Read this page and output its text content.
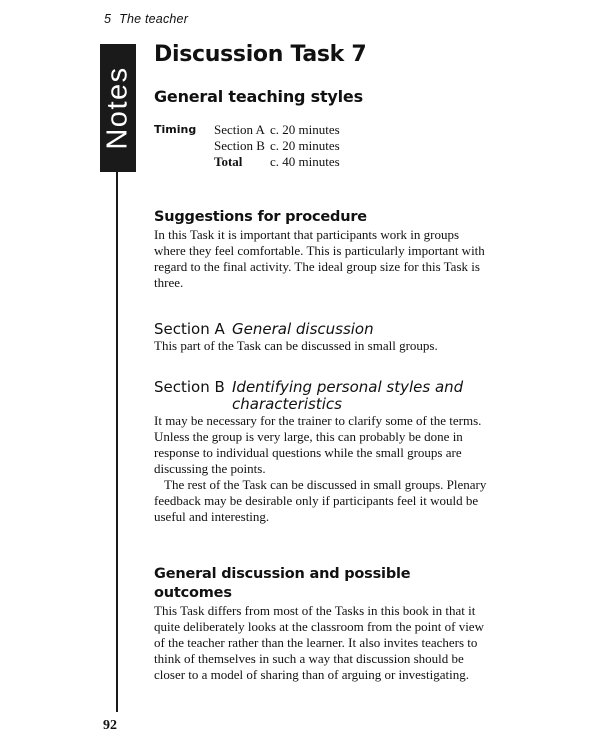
5 The teacher
Notes
Discussion Task 7
General teaching styles
Timing	Section A c. 20 minutes
Section B c. 20 minutes
Total	c. 40 minutes
Suggestions for procedure

In this Task it is important that participants work in groups
where they feel comfortable. This is particularly important with
regard to the final activity. The ideal group size for this Task is
three.

Section A General discussion

This part of the Task can be discussed in small groups.

Section B Identifying personal styles and
characteristics

It may be necessary for the trainer to clarify some of the terms.
Unless the group is very large, this can probably be done in
response to individual questions while the small groups are
discussing the points.

The rest of the Task can be discussed in small groups. Plenary
feedback may be desirable only if participants feel it would be
useful and interesting.

General discussion and possible
outcomes

This Task differs from most of the Tasks in this book in that it
quite deliberately looks at the classroom from the point of view
of the teacher rather than the learner. It also invites teachers to
think of themselves in such a way that discussion should be
closer to a model of sharing than of arguing or investigating.

92
